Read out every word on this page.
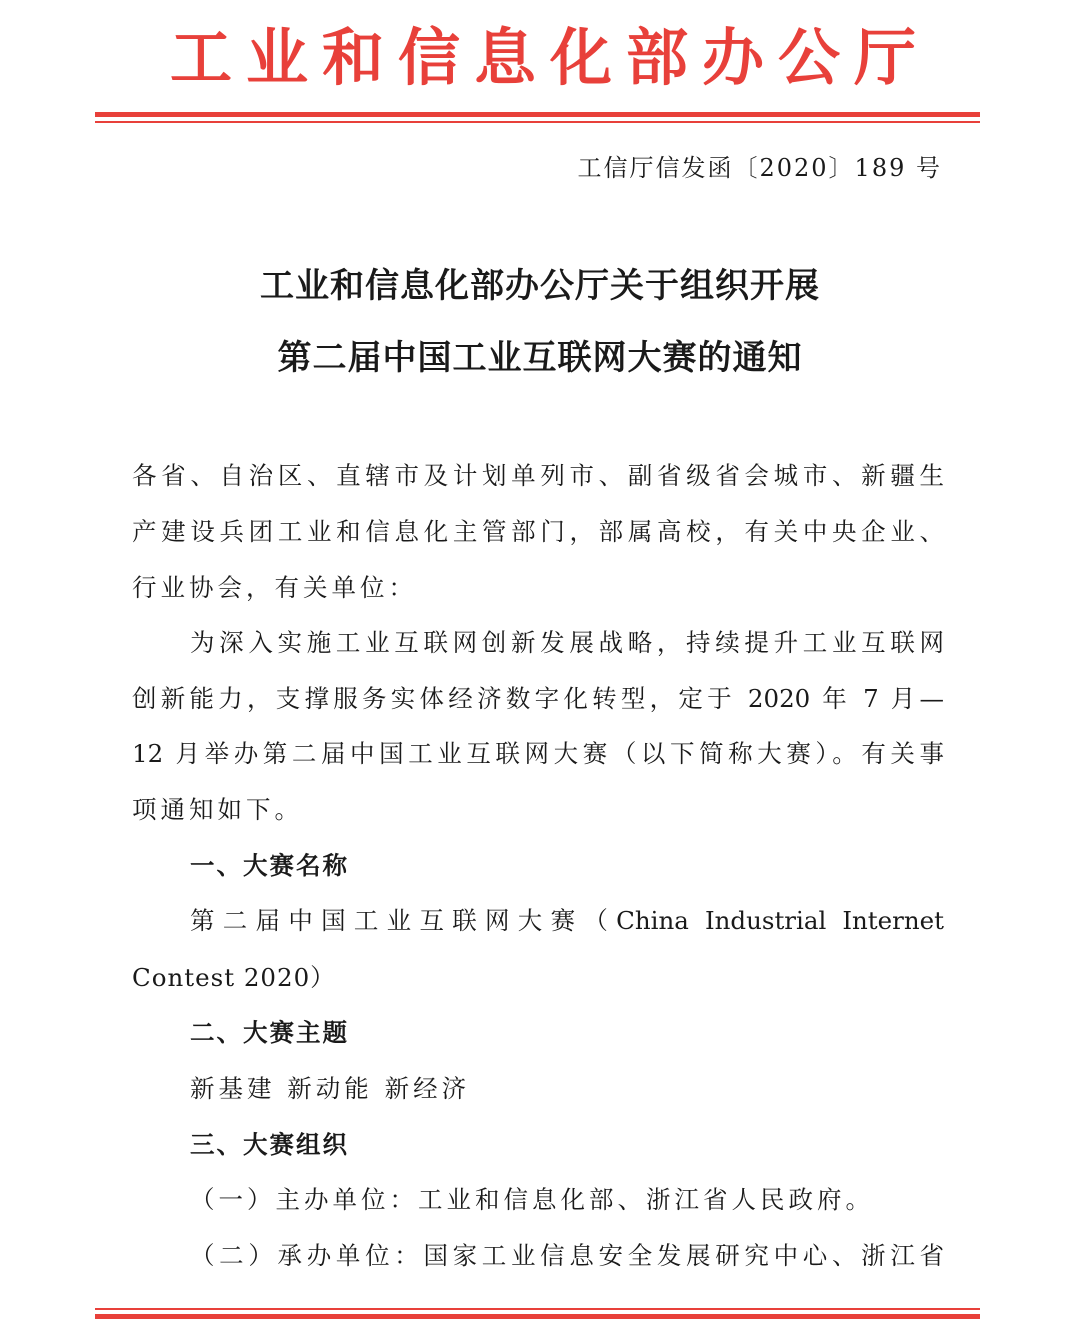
工业和信息化部办公厅
工信厅信发函〔2020〕189 号
工业和信息化部办公厅关于组织开展
第二届中国工业互联网大赛的通知
各省、自治区、直辖市及计划单列市、副省级省会城市、新疆生
产建设兵团工业和信息化主管部门，部属高校，有关中央企业、
行业协会，有关单位：
为深入实施工业互联网创新发展战略，持续提升工业互联网
创新能力，支撑服务实体经济数字化转型，定于 2020 年 7 月—
12 月举办第二届中国工业互联网大赛（以下简称大赛）。有关事
项通知如下。
一、大赛名称
第二届中国工业互联网大赛（China Industrial Internet
Contest 2020）
二、大赛主题
新基建 新动能 新经济
三、大赛组织
（一）主办单位：工业和信息化部、浙江省人民政府。
（二）承办单位：国家工业信息安全发展研究中心、浙江省
